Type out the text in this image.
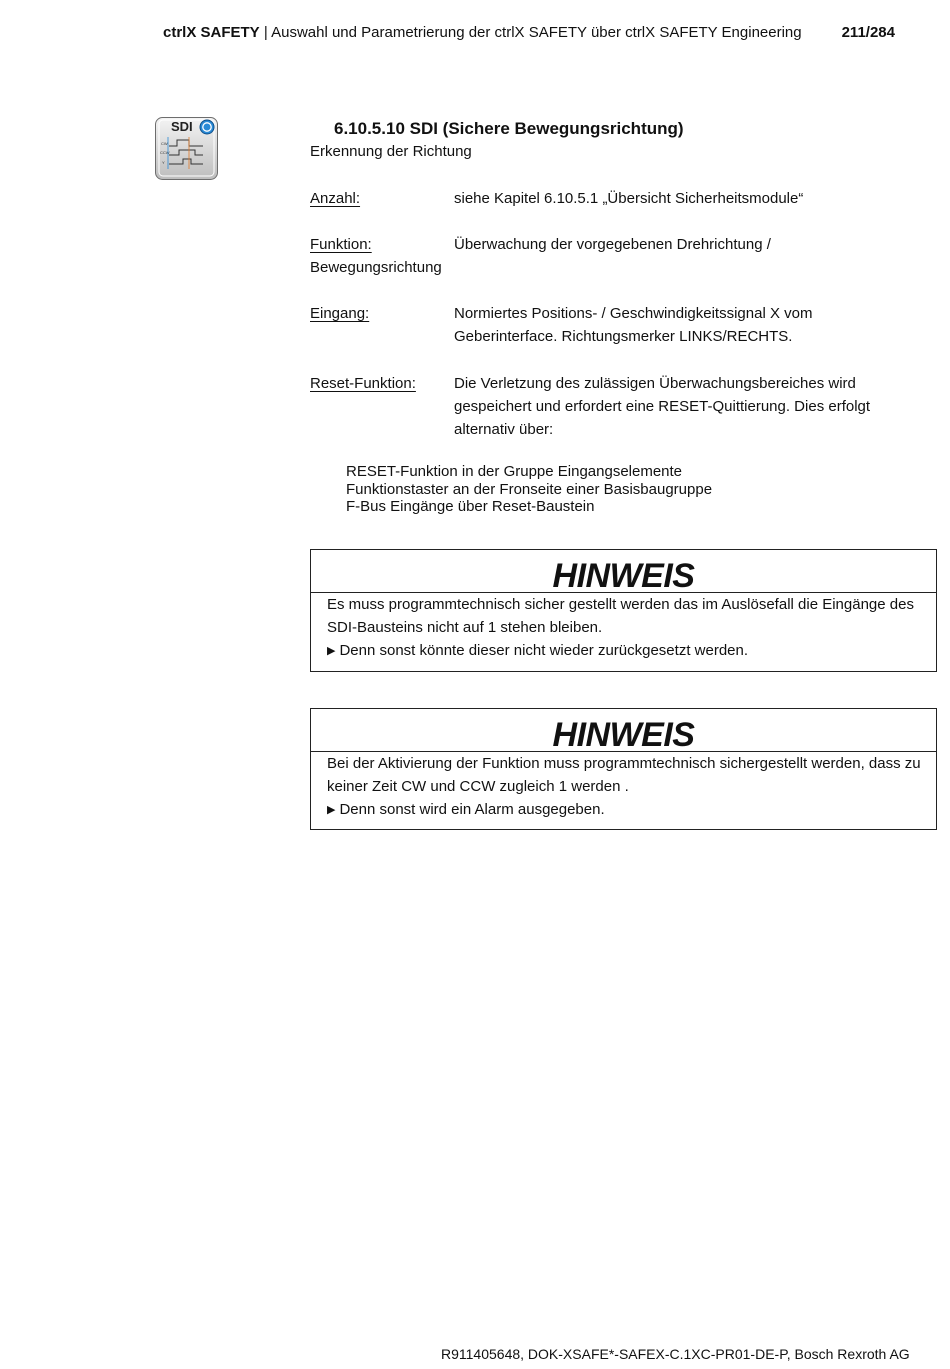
ctrlX SAFETY | Auswahl und Parametrierung der ctrlX SAFETY über ctrlX SAFETY Engineering	211/284
SDI
CW
CCW
Y
6.10.5.10 SDI (Sichere Bewegungsrichtung)
Erkennung der Richtung
Anzahl:	siehe Kapitel 6.10.5.1 „Übersicht Sicherheitsmodule“
Funktion:	Überwachung der vorgegebenen Drehrichtung /
Bewegungsrichtung
Eingang:	Normiertes Positions- / Geschwindigkeitssignal X vom Geberinterface. Richtungsmerker LINKS/RECHTS.
Reset-Funktion:	Die Verletzung des zulässigen Überwachungsbereiches wird gespeichert und erfordert eine RESET-Quittierung. Dies erfolgt alternativ über:
RESET-Funktion in der Gruppe Eingangselemente
Funktionstaster an der Fronseite einer Basisbaugruppe
F-Bus Eingänge über Reset-Baustein
HINWEIS
Es muss programmtechnisch sicher gestellt werden das im Auslösefall die Eingänge des SDI-Bausteins nicht auf 1 stehen bleiben.
▶ Denn sonst könnte dieser nicht wieder zurückgesetzt werden.
HINWEIS
Bei der Aktivierung der Funktion muss programmtechnisch sichergestellt werden, dass zu keiner Zeit CW und CCW zugleich 1 werden .
▶ Denn sonst wird ein Alarm ausgegeben.
R911405648, DOK-XSAFE*-SAFEX-C.1XC-PR01-DE-P, Bosch Rexroth AG
